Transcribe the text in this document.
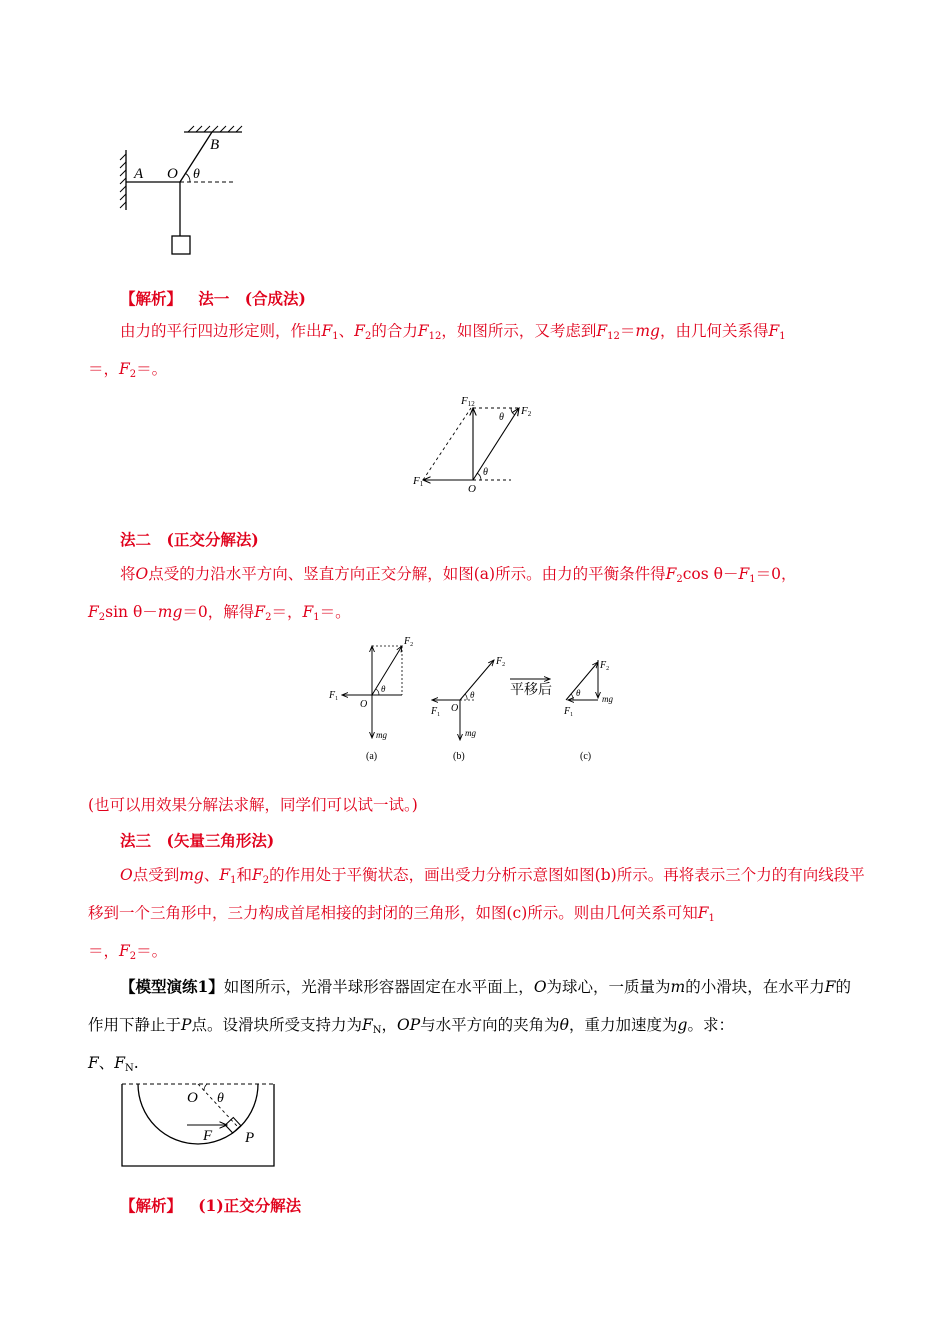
A O
B
θ
【解析】 法一　(合成法)
由力的平行四边形定则，作出$F_1$、$F_2$的合力$F_{12}$，如图所示，又考虑到$F_{12}=mg$，由几何关系得$F_1$
＝，$F_2=$。
F12
F2
F1	O
θ
θ
法二　(正交分解法)
将O点受的力沿水平方向、竖直方向正交分解，如图(a)所示。由力的平衡条件得$F_2\cos$ $\theta-F_1=0$，
$F_2\sin$ θ－mg＝0，解得$F_2=$，$F_1=$。
$F_1$
$F_2$
O
θ
mg
(a)
$F_1$
$F_2$
O
θ
mg
(b)
平移后
$F_2$
$F_1$
θ
mg
(c)
(也可以用效果分解法求解，同学们可以试一试。)
法三　(矢量三角形法)
O点受到mg、$F_1$和$F_2$的作用处于平衡状态，画出受力分析示意图如图(b)所示。再将表示三个力的有向线段平移到一个三角形中，三力构成首尾相接的封闭的三角形，如图(c)所示。则由几何关系可知$F_1$
＝，$F_2=$。
【模型演练1】如图所示，光滑半球形容器固定在水平面上，O为球心，一质量为m的小滑块，在水平力F的作用下静止于P点。设滑块所受支持力为$F_N$，OP与水平方向的夹角为θ，重力加速度为g。求：
F、$F_N$.
O θ
F P
【解析】 (1)正交分解法
